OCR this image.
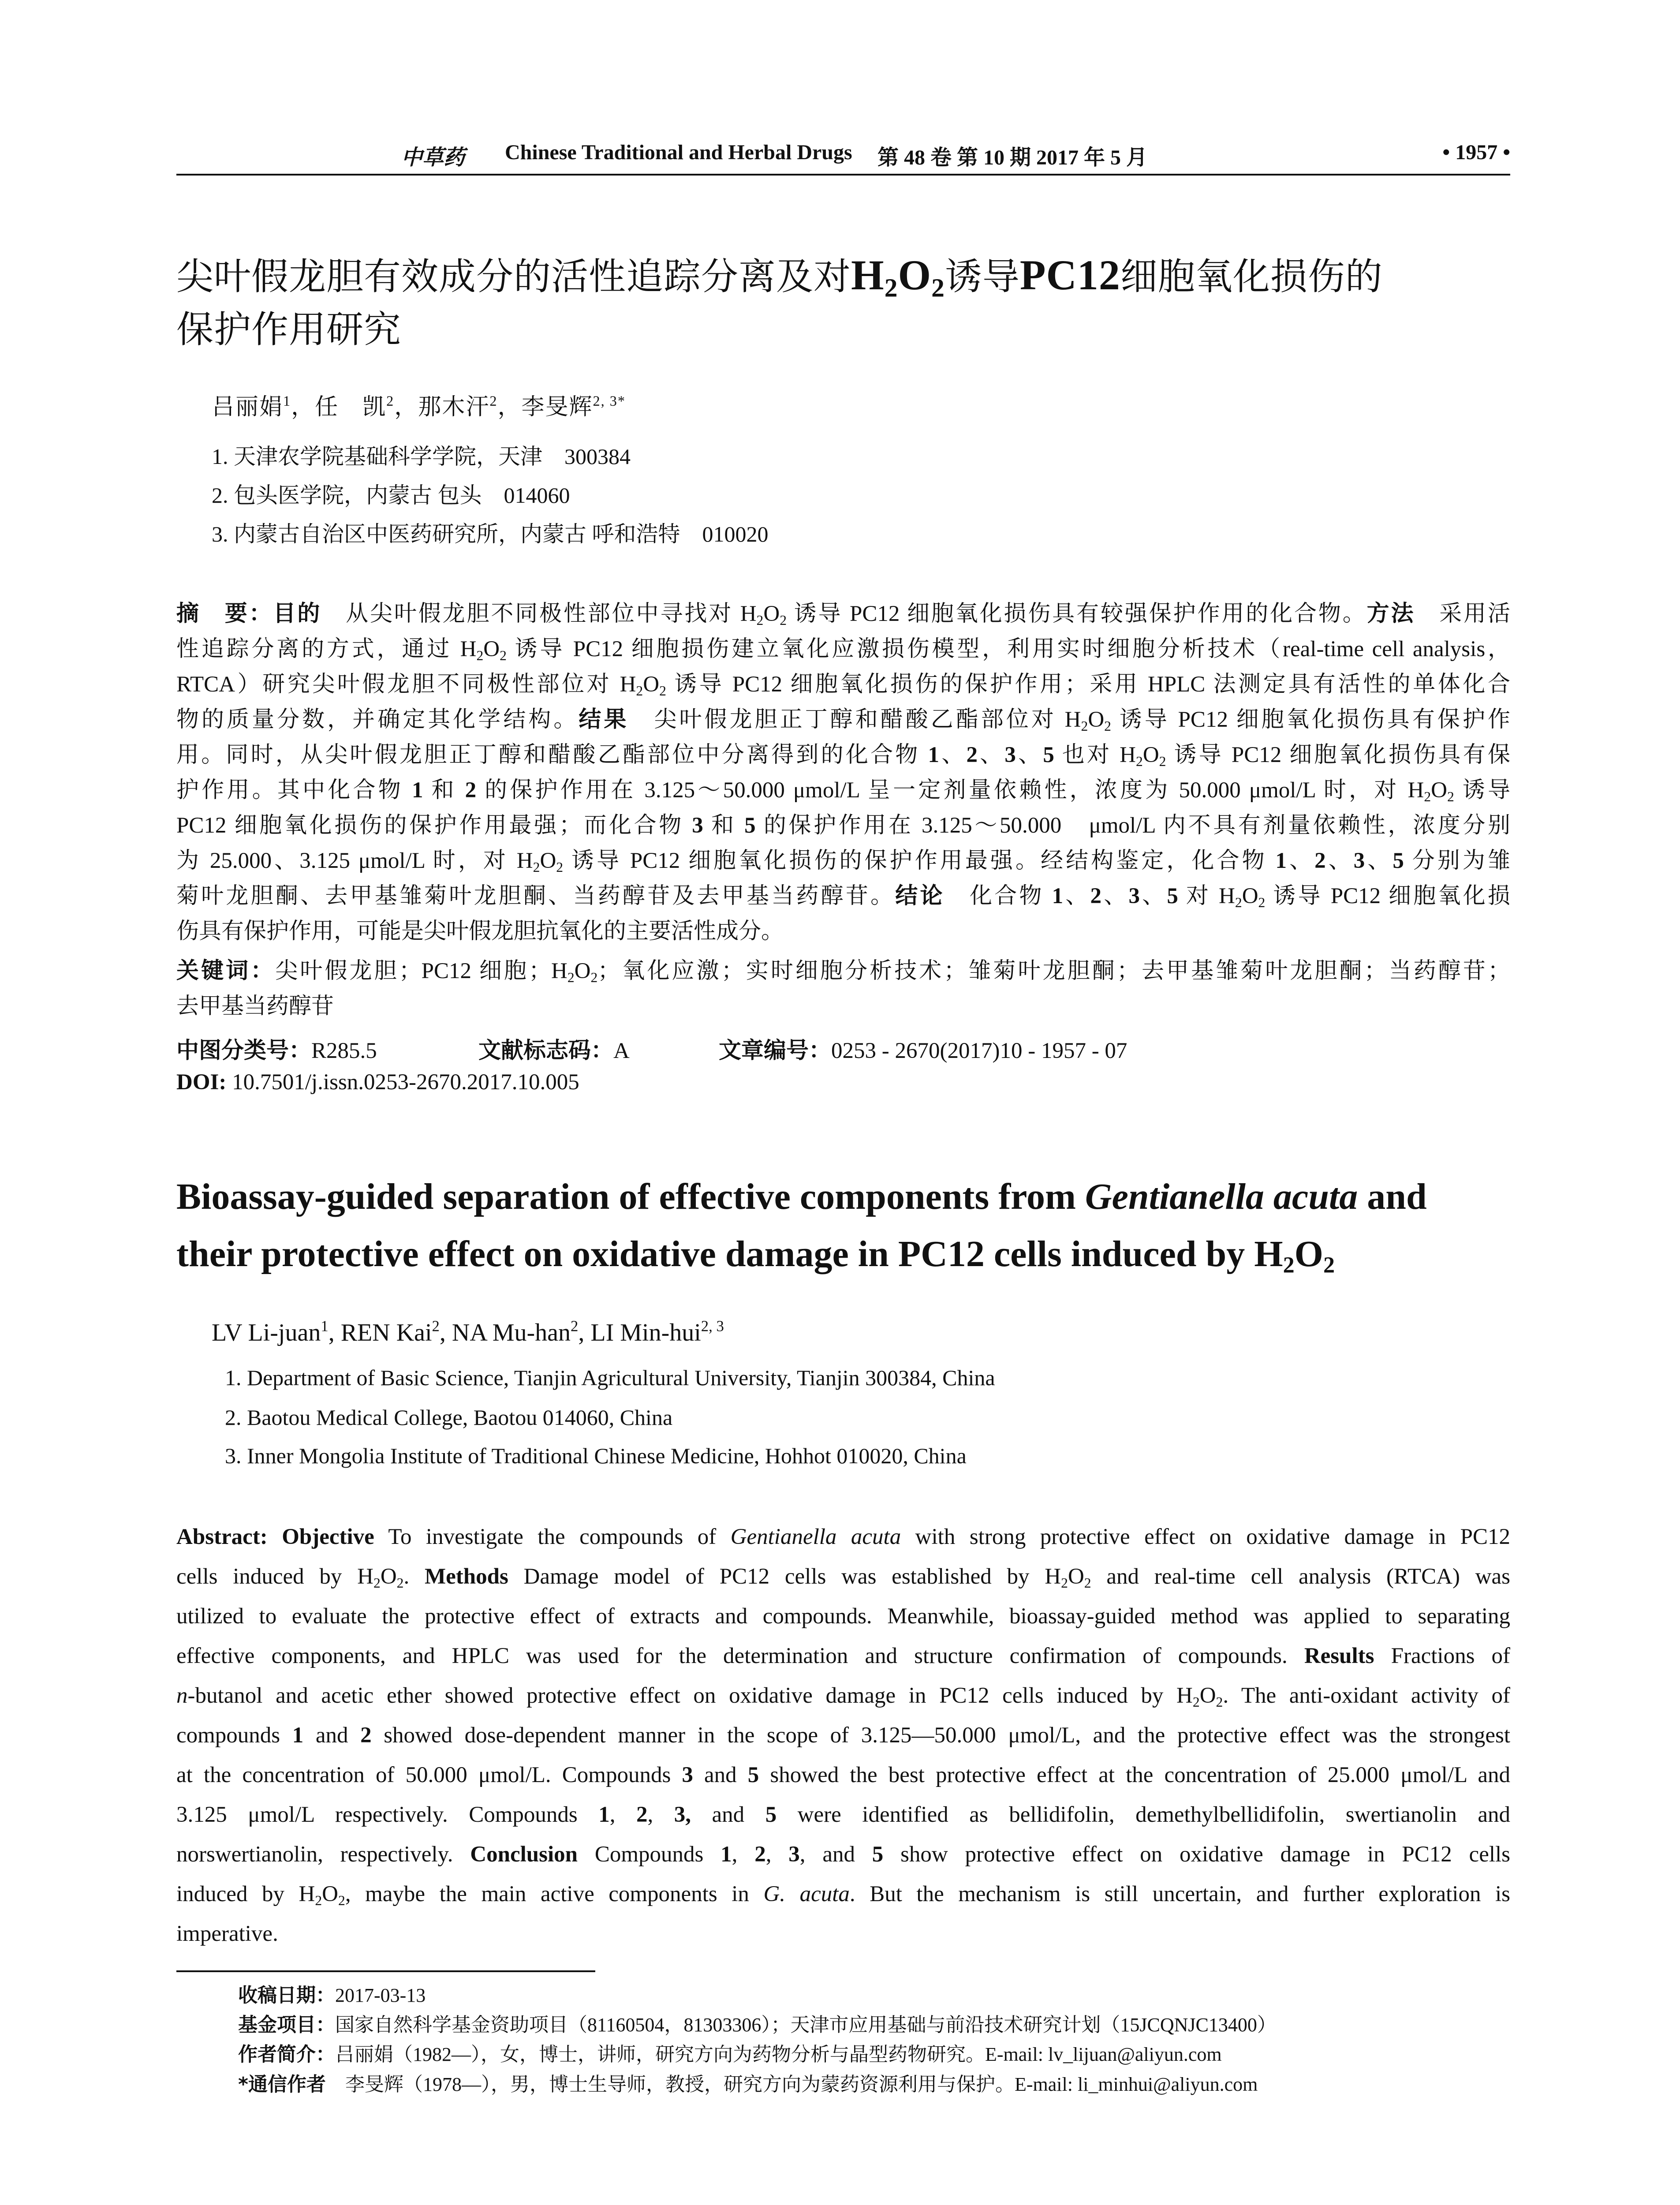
中草药 Chinese Traditional and Herbal Drugs 第 48 卷 第 10 期 2017 年 5 月	• 1957 •
尖叶假龙胆有效成分的活性追踪分离及对$H_2O_2$诱导PC12细胞氧化损伤的
保护作用研究
吕丽娟$^1$，任　凯$^2$，那木汗$^2$，李旻辉$^{2, 3*}$
1. 天津农学院基础科学学院，天津　300384
2. 包头医学院，内蒙古 包头　014060
3. 内蒙古自治区中医药研究所，内蒙古 呼和浩特　010020
摘　要：目的　从尖叶假龙胆不同极性部位中寻找对 $H_2O_2$ 诱导 PC12 细胞氧化损伤具有较强保护作用的化合物。方法　采用活
性追踪分离的方式，通过 $H_2O_2$ 诱导 PC12 细胞损伤建立氧化应激损伤模型，利用实时细胞分析技术（real-time cell analysis，
RTCA）研究尖叶假龙胆不同极性部位对 $H_2O_2$ 诱导 PC12 细胞氧化损伤的保护作用；采用 HPLC 法测定具有活性的单体化合
物的质量分数，并确定其化学结构。结果　尖叶假龙胆正丁醇和醋酸乙酯部位对 $H_2O_2$ 诱导 PC12 细胞氧化损伤具有保护作
用。同时，从尖叶假龙胆正丁醇和醋酸乙酯部位中分离得到的化合物 1、2、3、5 也对 $H_2O_2$ 诱导 PC12 细胞氧化损伤具有保
护作用。其中化合物 1 和 2 的保护作用在 3.125～50.000 μmol/L 呈一定剂量依赖性，浓度为 50.000 μmol/L 时，对 $H_2O_2$ 诱导
PC12 细胞氧化损伤的保护作用最强；而化合物 3 和 5 的保护作用在 3.125～50.000　μmol/L 内不具有剂量依赖性，浓度分别
为 25.000、3.125 μmol/L 时，对 $H_2O_2$ 诱导 PC12 细胞氧化损伤的保护作用最强。经结构鉴定，化合物 1、2、3、5 分别为雏
菊叶龙胆酮、去甲基雏菊叶龙胆酮、当药醇苷及去甲基当药醇苷。结论　化合物 1、2、3、5 对 $H_2O_2$ 诱导 PC12 细胞氧化损
伤具有保护作用，可能是尖叶假龙胆抗氧化的主要活性成分。
关键词：尖叶假龙胆；PC12 细胞；$H_2O_2$；氧化应激；实时细胞分析技术；雏菊叶龙胆酮；去甲基雏菊叶龙胆酮；当药醇苷；
去甲基当药醇苷
中图分类号：R285.5	文献标志码：A	文章编号：0253 - 2670(2017)10 - 1957 - 07
DOI: 10.7501/j.issn.0253-2670.2017.10.005
Bioassay-guided separation of effective components from Gentianella acuta and
their protective effect on oxidative damage in PC12 cells induced by $H_2O_2$
LV Li-juan$^1$, REN Kai$^2$, NA Mu-han$^2$, LI Min-hui$^{2, 3}$
1. Department of Basic Science, Tianjin Agricultural University, Tianjin 300384, China
2. Baotou Medical College, Baotou 014060, China
3. Inner Mongolia Institute of Traditional Chinese Medicine, Hohhot 010020, China
Abstract: Objective To investigate the compounds of Gentianella acuta with strong protective effect on oxidative damage in PC12
cells induced by $H_2O_2$. Methods Damage model of PC12 cells was established by $H_2O_2$ and real-time cell analysis (RTCA) was
utilized to evaluate the protective effect of extracts and compounds. Meanwhile, bioassay-guided method was applied to separating
effective components, and HPLC was used for the determination and structure confirmation of compounds. Results Fractions of
n-butanol and acetic ether showed protective effect on oxidative damage in PC12 cells induced by $H_2O_2$. The anti-oxidant activity of
compounds 1 and 2 showed dose-dependent manner in the scope of 3.125—50.000 μmol/L, and the protective effect was the strongest
at the concentration of 50.000 μmol/L. Compounds 3 and 5 showed the best protective effect at the concentration of 25.000 μmol/L and
3.125 μmol/L respectively. Compounds 1, 2, 3, and 5 were identified as bellidifolin, demethylbellidifolin, swertianolin and
norswertianolin, respectively. Conclusion Compounds 1, 2, 3, and 5 show protective effect on oxidative damage in PC12 cells
induced by $H_2O_2$, maybe the main active components in G. acuta. But the mechanism is still uncertain, and further exploration is
imperative.
收稿日期：2017-03-13
基金项目：国家自然科学基金资助项目（81160504，81303306）；天津市应用基础与前沿技术研究计划（15JCQNJC13400）
作者简介：吕丽娟（1982—），女，博士，讲师，研究方向为药物分析与晶型药物研究。E-mail: lv_lijuan@aliyun.com
*通信作者　李旻辉（1978—），男，博士生导师，教授，研究方向为蒙药资源利用与保护。E-mail: li_minhui@aliyun.com
